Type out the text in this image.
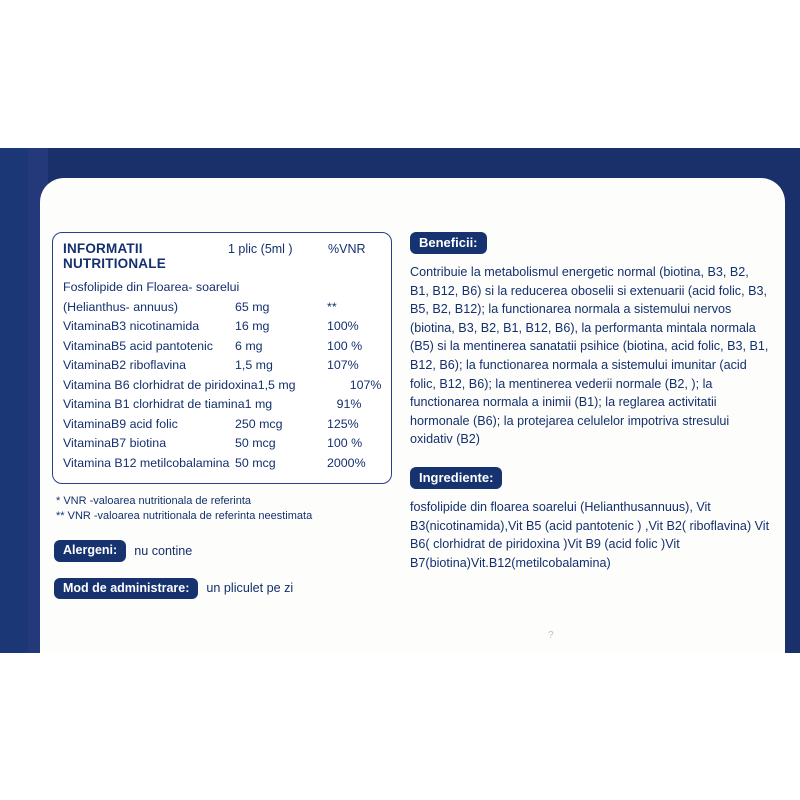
INFORMATII NUTRITIONALE
1 plic (5ml )	%VNR
Fosfolipide din Floarea- soarelui
(Helianthus- annuus)	65 mg	**
VitaminaB3 nicotinamida	16 mg	100%
VitaminaB5 acid pantotenic	6 mg	100 %
VitaminaB2 riboflavina	1,5 mg	107%
Vitamina B6 clorhidrat de piridoxina 1,5 mg	107%
Vitamina B1 clorhidrat de tiamina 1 mg	91%
VitaminaB9 acid folic	250 mcg	125%
VitaminaB7 biotina	50 mcg	100 %
Vitamina B12 metilcobalamina 50 mcg	2000%
* VNR -valoarea nutritionala de referinta
** VNR -valoarea nutritionala de referinta neestimata
Alergeni:	nu contine
Mod de administrare:	un pliculet pe zi
Beneficii:
Contribuie la metabolismul energetic normal (biotina, B3, B2, B1, B12, B6) si la reducerea oboselii si extenuarii (acid folic, B3, B5, B2, B12); la functionarea normala a sistemului nervos (biotina, B3, B2, B1, B12, B6), la performanta mintala normala (B5) si la mentinerea sanatatii psihice (biotina, acid folic, B3, B1, B12, B6); la functionarea normala a sistemului imunitar (acid folic, B12, B6); la mentinerea vederii normale (B2, ); la functionarea normala a inimii (B1); la reglarea activitatii hormonale (B6); la protejarea celulelor impotriva stresului oxidativ (B2)
Ingrediente:
fosfolipide din floarea soarelui (Helianthusannuus), Vit B3(nicotinamida),Vit B5 (acid pantotenic ) ,Vit B2( riboflavina) Vit B6( clorhidrat de piridoxina )Vit B9 (acid folic )Vit B7(biotina)Vit.B12(metilcobalamina)
?
